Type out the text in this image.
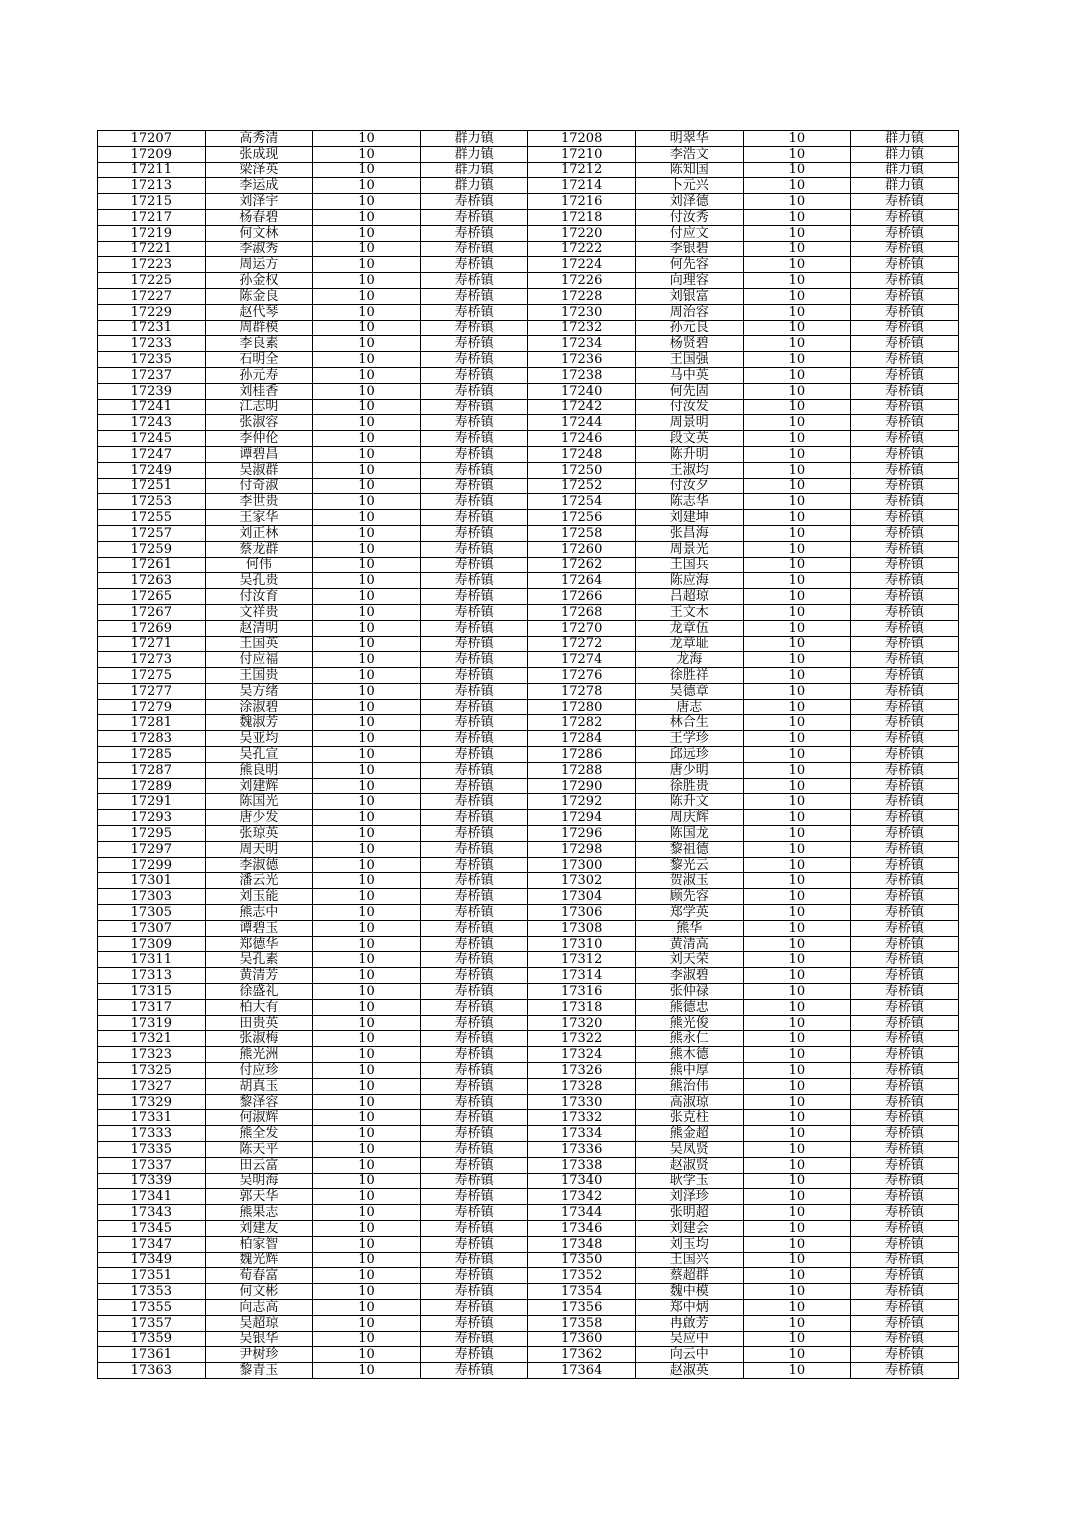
17207	高秀清	10	群力镇	17208	明翠华	10	群力镇
17209	张成现	10	群力镇	17210	李浩文	10	群力镇
17211	梁泽英	10	群力镇	17212	陈知国	10	群力镇
17213	李运成	10	群力镇	17214	卜元兴	10	群力镇
17215	刘泽宇	10	寿桥镇	17216	刘泽德	10	寿桥镇
17217	杨春碧	10	寿桥镇	17218	付汝秀	10	寿桥镇
17219	何文林	10	寿桥镇	17220	付应文	10	寿桥镇
17221	李淑秀	10	寿桥镇	17222	李银碧	10	寿桥镇
17223	周运方	10	寿桥镇	17224	何先容	10	寿桥镇
17225	孙金权	10	寿桥镇	17226	向理容	10	寿桥镇
17227	陈金良	10	寿桥镇	17228	刘银富	10	寿桥镇
17229	赵代琴	10	寿桥镇	17230	周治容	10	寿桥镇
17231	周群模	10	寿桥镇	17232	孙元良	10	寿桥镇
17233	李良素	10	寿桥镇	17234	杨贤碧	10	寿桥镇
17235	石明全	10	寿桥镇	17236	王国强	10	寿桥镇
17237	孙元寿	10	寿桥镇	17238	马中英	10	寿桥镇
17239	刘桂香	10	寿桥镇	17240	何先固	10	寿桥镇
17241	江志明	10	寿桥镇	17242	付汝发	10	寿桥镇
17243	张淑容	10	寿桥镇	17244	周景明	10	寿桥镇
17245	李仲伦	10	寿桥镇	17246	段文英	10	寿桥镇
17247	谭碧昌	10	寿桥镇	17248	陈升明	10	寿桥镇
17249	吴淑群	10	寿桥镇	17250	王淑均	10	寿桥镇
17251	付奇淑	10	寿桥镇	17252	付汝夕	10	寿桥镇
17253	李世贵	10	寿桥镇	17254	陈志华	10	寿桥镇
17255	王家华	10	寿桥镇	17256	刘建坤	10	寿桥镇
17257	刘正林	10	寿桥镇	17258	张昌海	10	寿桥镇
17259	蔡龙群	10	寿桥镇	17260	周景光	10	寿桥镇
17261	何伟	10	寿桥镇	17262	王国兵	10	寿桥镇
17263	吴孔贵	10	寿桥镇	17264	陈应海	10	寿桥镇
17265	付汝育	10	寿桥镇	17266	吕超琼	10	寿桥镇
17267	文祥贵	10	寿桥镇	17268	王文木	10	寿桥镇
17269	赵清明	10	寿桥镇	17270	龙章伍	10	寿桥镇
17271	王国英	10	寿桥镇	17272	龙章耻	10	寿桥镇
17273	付应福	10	寿桥镇	17274	龙海	10	寿桥镇
17275	王国贵	10	寿桥镇	17276	徐胜祥	10	寿桥镇
17277	吴方绪	10	寿桥镇	17278	吴德章	10	寿桥镇
17279	涂淑碧	10	寿桥镇	17280	唐志	10	寿桥镇
17281	魏淑芳	10	寿桥镇	17282	林合生	10	寿桥镇
17283	吴亚均	10	寿桥镇	17284	王学珍	10	寿桥镇
17285	吴孔宣	10	寿桥镇	17286	邱远珍	10	寿桥镇
17287	熊良明	10	寿桥镇	17288	唐少明	10	寿桥镇
17289	刘建辉	10	寿桥镇	17290	徐胜贵	10	寿桥镇
17291	陈国光	10	寿桥镇	17292	陈升文	10	寿桥镇
17293	唐少发	10	寿桥镇	17294	周庆辉	10	寿桥镇
17295	张琼英	10	寿桥镇	17296	陈国龙	10	寿桥镇
17297	周天明	10	寿桥镇	17298	黎祖德	10	寿桥镇
17299	李淑德	10	寿桥镇	17300	黎光云	10	寿桥镇
17301	潘云光	10	寿桥镇	17302	贺淑玉	10	寿桥镇
17303	刘玉能	10	寿桥镇	17304	顾先容	10	寿桥镇
17305	熊志中	10	寿桥镇	17306	郑学英	10	寿桥镇
17307	谭碧玉	10	寿桥镇	17308	熊华	10	寿桥镇
17309	郑德华	10	寿桥镇	17310	黄清高	10	寿桥镇
17311	吴孔素	10	寿桥镇	17312	刘天荣	10	寿桥镇
17313	黄清芳	10	寿桥镇	17314	李淑碧	10	寿桥镇
17315	徐盛礼	10	寿桥镇	17316	张仲禄	10	寿桥镇
17317	柏大有	10	寿桥镇	17318	熊德忠	10	寿桥镇
17319	田贵英	10	寿桥镇	17320	熊光俊	10	寿桥镇
17321	张淑梅	10	寿桥镇	17322	熊永仁	10	寿桥镇
17323	熊光洲	10	寿桥镇	17324	熊木德	10	寿桥镇
17325	付应珍	10	寿桥镇	17326	熊中厚	10	寿桥镇
17327	胡真玉	10	寿桥镇	17328	熊治伟	10	寿桥镇
17329	黎泽容	10	寿桥镇	17330	高淑琼	10	寿桥镇
17331	何淑辉	10	寿桥镇	17332	张克柱	10	寿桥镇
17333	熊全发	10	寿桥镇	17334	熊金超	10	寿桥镇
17335	陈天平	10	寿桥镇	17336	吴凤贤	10	寿桥镇
17337	田云富	10	寿桥镇	17338	赵淑贤	10	寿桥镇
17339	吴明海	10	寿桥镇	17340	耿学玉	10	寿桥镇
17341	郭天华	10	寿桥镇	17342	刘泽珍	10	寿桥镇
17343	熊果志	10	寿桥镇	17344	张明超	10	寿桥镇
17345	刘建友	10	寿桥镇	17346	刘建会	10	寿桥镇
17347	柏家智	10	寿桥镇	17348	刘玉均	10	寿桥镇
17349	魏光辉	10	寿桥镇	17350	王国兴	10	寿桥镇
17351	荀春富	10	寿桥镇	17352	蔡超群	10	寿桥镇
17353	何文彬	10	寿桥镇	17354	魏中模	10	寿桥镇
17355	向志高	10	寿桥镇	17356	郑中炳	10	寿桥镇
17357	吴超琼	10	寿桥镇	17358	冉啟芳	10	寿桥镇
17359	吴银华	10	寿桥镇	17360	吴应中	10	寿桥镇
17361	尹树珍	10	寿桥镇	17362	向云中	10	寿桥镇
17363	黎青玉	10	寿桥镇	17364	赵淑英	10	寿桥镇
